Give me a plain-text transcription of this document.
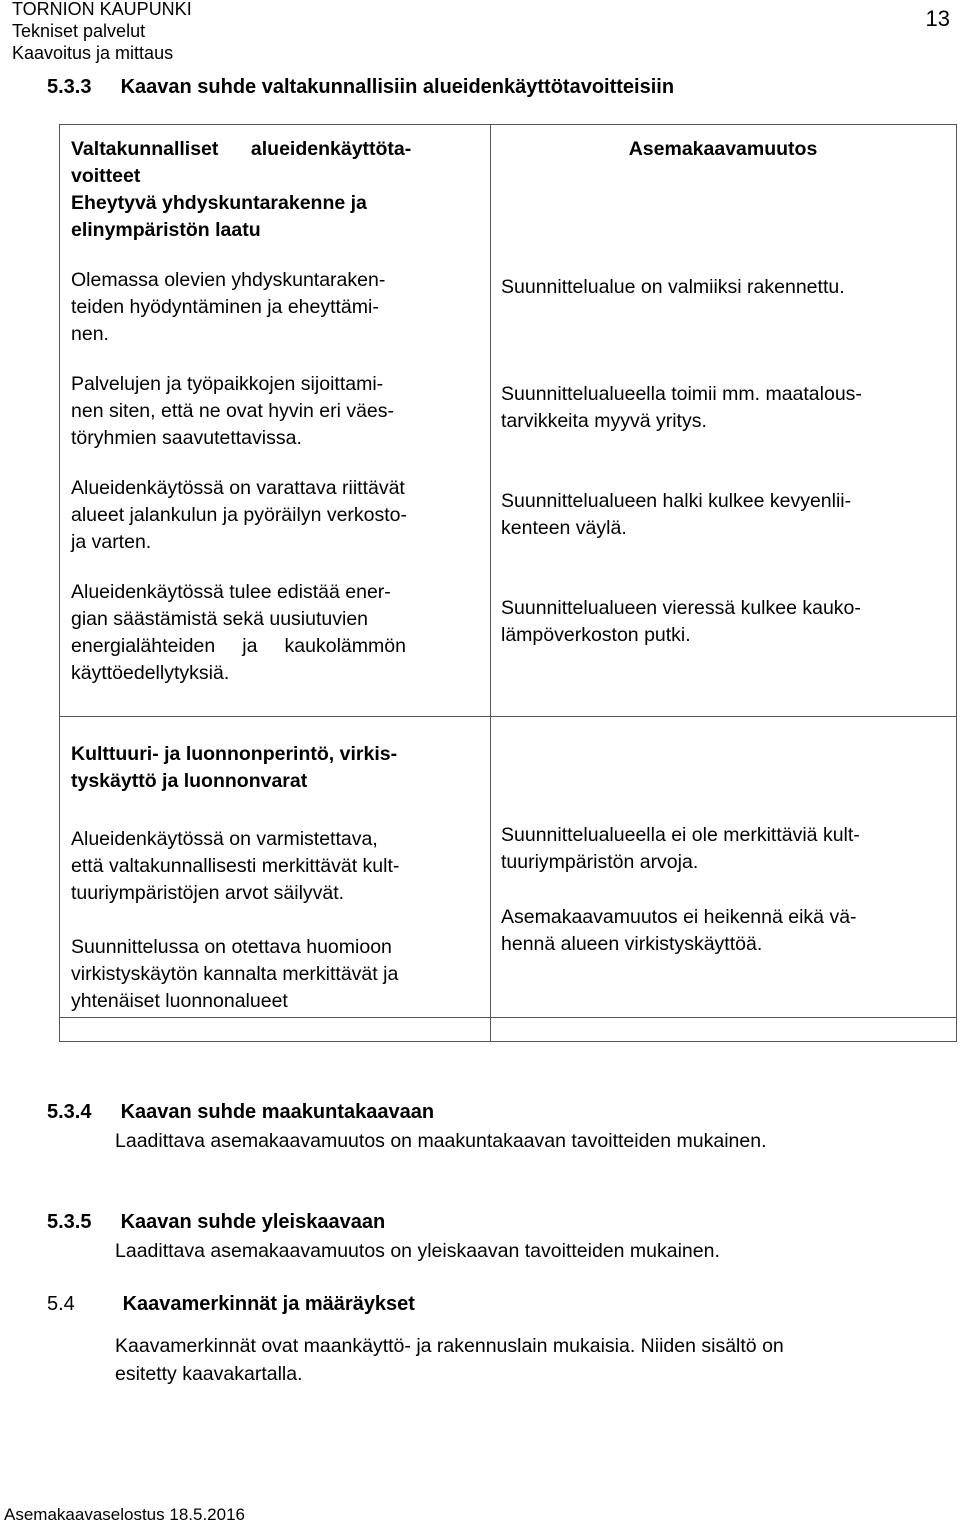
TORNION KAUPUNKI
Tekniset palvelut
Kaavoitus ja mittaus
13
5.3.3 Kaavan suhde valtakunnallisiin alueidenkäyttötavoitteisiin

Valtakunnalliset      alueidenkäyttöta-
voitteet

Eheytyvä yhdyskuntarakenne ja
elinympäristön laatu

Olemassa olevien yhdyskuntaraken-
teiden hyödyntäminen ja eheyttämi-
nen.

Palvelujen ja työpaikkojen sijoittami-
nen siten, että ne ovat hyvin eri väes-
töryhmien saavutettavissa.

Alueidenkäytössä on varattava riittävät
alueet jalankulun ja pyöräilyn verkosto-
ja varten.

Alueidenkäytössä tulee edistää ener-
gian säästämistä sekä uusiutuvien
energialähteiden     ja     kaukolämmön
käyttöedellytyksiä.

Asemakaavamuutos

Suunnittelualue on valmiiksi rakennettu.

Suunnittelualueella toimii mm. maatalous-
tarvikkeita myyvä yritys.

Suunnittelualueen halki kulkee kevyenlii-
kenteen väylä.

Suunnittelualueen vieressä kulkee kauko-
lämpöverkoston putki.

Kulttuuri- ja luonnonperintö, virkis-
tyskäyttö ja luonnonvarat

Alueidenkäytössä on varmistettava,
että valtakunnallisesti merkittävät kult-
tuuriympäristöjen arvot säilyvät.

Suunnittelussa on otettava huomioon
virkistyskäytön kannalta merkittävät ja
yhtenäiset luonnonalueet

Suunnittelualueella ei ole merkittäviä kult-
tuuriympäristön arvoja.

Asemakaavamuutos ei heikennä eikä vä-
hennä alueen virkistyskäyttöä.

5.3.4 Kaavan suhde maakuntakaavaan
Laadittava asemakaavamuutos on maakuntakaavan tavoitteiden mukainen.
5.3.5 Kaavan suhde yleiskaavaan
Laadittava asemakaavamuutos on yleiskaavan tavoitteiden mukainen.
5.4 Kaavamerkinnät ja määräykset
Kaavamerkinnät ovat maankäyttö- ja rakennuslain mukaisia. Niiden sisältö on
esitetty kaavakartalla.
Asemakaavaselostus 18.5.2016
